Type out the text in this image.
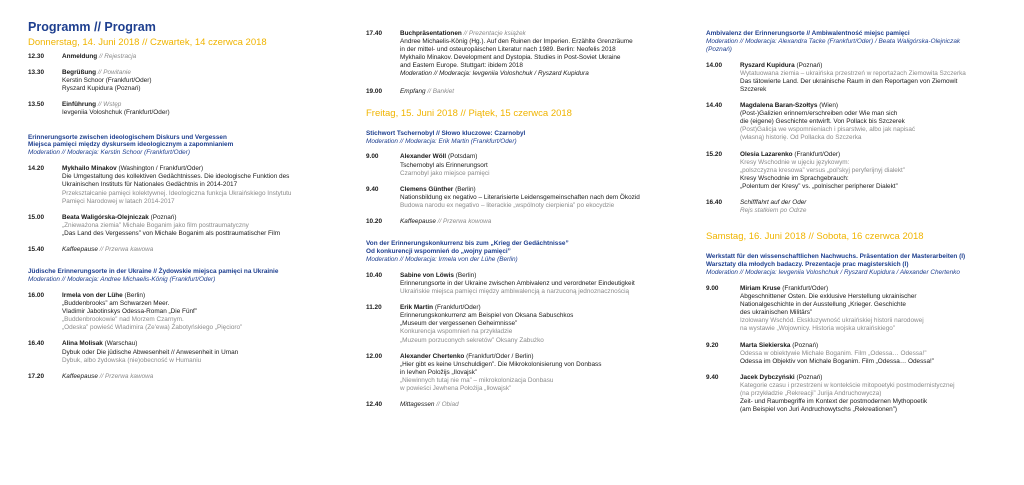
Programm // Program
Donnerstag, 14. Juni 2018 // Czwartek, 14 czerwca 2018
12.30	Anmeldung // Rejestracja
13.30	Begrüßung // Powitanie
Kerstin Schoor (Frankfurt/Oder)
Ryszard Kupidura (Poznań)
13.50	Einführung // Wstęp
Ievgeniia Voloshchuk (Frankfurt/Oder)
Erinnerungsorte zwischen ideologischem Diskurs und Vergessen
Miejsca pamięci między dyskursem ideologicznym a zapomnianiem
Moderation // Moderacja: Kerstin Schoor (Frankfurt/Oder)
14.20	Mykhailo Minakov (Washington / Frankfurt/Oder)
Die Umgestaltung des kollektiven Gedächtnisses. Die ideologische Funktion des
Ukrainischen Instituts für Nationales Gedächtnis in 2014-2017
Przekształcanie pamięci kolektywnej. Ideologiczna funkcja Ukraińskiego Instytutu
Pamięci Narodowej w latach 2014-2017
15.00	Beata Waligórska-Olejniczak (Poznań)
„Znieważona ziemia” Michale Boganim jako film posttraumatyczny
„Das Land des Vergessens” von Michale Boganim als posttraumatischer Film
15.40	Kaffeepause // Przerwa kawowa
Jüdische Erinnerungsorte in der Ukraine // Żydowskie miejsca pamięci na Ukrainie
Moderation // Moderacja: Andree Michaelis-König (Frankfurt/Oder)
16.00	Irmela von der Lühe (Berlin)
„Buddenbrooks” am Schwarzen Meer.
Vladimir Jabotinskys Odessa-Roman „Die Fünf”
„Buddenbrookowie” nad Morzem Czarnym.
„Odeska” powieść Wladimira (Ze'ewa) Żabotyńskiego „Pięcioro”
16.40	Alina Molisak (Warschau)
Dybuk oder Die jüdische Abwesenheit // Anwesenheit in Uman
Dybuk, albo żydowska (nie)obecność w Humaniu
17.20	Kaffeepause // Przerwa kawowa
17.40	Buchpräsentationen // Prezentacje książek
Andree Michaelis-König (Hg.). Auf den Ruinen der Imperien. Erzählte Grenzräume
in der mittel- und osteuropäischen Literatur nach 1989. Berlin: Neofelis 2018
Mykhailo Minakov. Development and Dystopia. Studies in Post-Soviet Ukraine
and Eastern Europe. Stuttgart: ibidem 2018
Moderation // Moderacja: Ievgeniia Voloshchuk / Ryszard Kupidura
19.00	Empfang // Bankiet
Freitag, 15. Juni 2018 // Piątek, 15 czerwca 2018
Stichwort Tschernobyl // Słowo kluczowe: Czarnobyl
Moderation // Moderacja: Erik Martin (Frankfurt/Oder)
9.00	Alexander Wöll (Potsdam)
Tschernobyl als Erinnerungsort
Czarnobyl jako miejsce pamięci
9.40	Clemens Günther (Berlin)
Nationsbildung ex negativo – Literarisierte Leidensgemeinschaften nach dem Ökozid
Budowa narodu ex negativo – literackie „wspólnoty cierpienia” po ekocydzie
10.20	Kaffeepause // Przerwa kowowa
Von der Erinnerungskonkurrenz bis zum „Krieg der Gedächtnisse”
Od konkurencji wspomnień do „wojny pamięci”
Moderation // Moderacja: Irmela von der Lühe (Berlin)
10.40	Sabine von Löwis (Berlin)
Erinnerungsorte in der Ukraine zwischen Ambivalenz und verordneter Eindeutigkeit
Ukraińskie miejsca pamięci między ambiwalencją a narzuconą jednoznacznością
11.20	Erik Martin (Frankfurt/Oder)
Erinnerungskonkurrenz am Beispiel von Oksana Sabuschkos
„Museum der vergessenen Geheimnisse”
Konkurencja wspomnień na przykładzie
„Muzeum porzuconych sekretów” Oksany Zabużko
12.00	Alexander Chertenko (Frankfurt/Oder / Berlin)
„Hier gibt es keine Unschuldigen”. Die Mikrokolonisierung von Donbass
in Ievhen Položijs „Ilovajsk”
„Niewinnych tutaj nie ma” – mikrokolonizacja Donbasu
w powieści Jewhena Położija „Iłowajsk”
12.40	Mittagessen // Obiad
Ambivalenz der Erinnerungsorte // Ambiwalentność miejsc pamięci
Moderation // Moderacja: Alexandra Tacke (Frankfurt/Oder) / Beata Waligórska-Olejniczak
(Poznań)
14.00	Ryszard Kupidura (Poznań)
Wytatuowana ziemia – ukraińska przestrzeń w reportażach Ziemowita Szczerka
Das tätowierte Land. Der ukrainische Raum in den Reportagen von Ziemowit
Szczerek
14.40	Magdalena Baran-Szołtys (Wien)
(Post-)Galizien erinnern/erschreiben oder Wie man sich
die (eigene) Geschichte entwirft. Von Pollack bis Szczerek
(Post)Galicja we wspomnieniach i pisarstwie, albo jak napisać
(własną) historię. Od Pollacka do Szczerka
15.20	Olesia Lazarenko (Frankfurt/Oder)
Kresy Wschodnie w ujęciu językowym:
„polszczyzna kresowa” versus „pol'skyj peryferijnyj dialekt”
Kresy Wschodnie im Sprachgebrauch:
„Polentum der Kresy” vs. „polnischer peripherer Dialekt”
16.40	Schifffahrt auf der Oder
Rejs statkiem po Odrze
Samstag, 16. Juni 2018 // Sobota, 16 czerwca 2018
Werkstatt für den wissenschaftlichen Nachwuchs. Präsentation der Masterarbeiten (I)
Warsztaty dla młodych badaczy. Prezentacje prac magisterskich (I)
Moderation // Moderacja: Ievgeniia Voloshchuk / Ryszard Kupidura / Alexander Chertenko
9.00	Miriam Kruse (Frankfurt/Oder)
Abgeschnittener Osten. Die exklusive Herstellung ukrainischer
Nationalgeschichte in der Ausstellung „Krieger. Geschichte
des ukrainischen Militärs”
Izolowany Wschód. Ekskluzywność ukraińskiej historii narodowej
na wystawie „Wojownicy. Historia wojska ukraińskiego”
9.20	Marta Siekierska (Poznań)
Odessa w obiektywie Michale Boganim. Film „Odessa… Odessa!”
Odessa im Objektiv von Michale Boganim. Film „Odessa… Odessa!”
9.40	Jacek Dybczyński (Poznań)
Kategorie czasu i przestrzeni w kontekście mitopoetyki postmodernistycznej
(na przykładzie „Rekreacji” Jurija Andruchowycza)
Zeit- und Raumbegriffe im Kontext der postmodernen Mythopoetik
(am Beispiel von Juri Andruchowytschs „Rekreationen”)
